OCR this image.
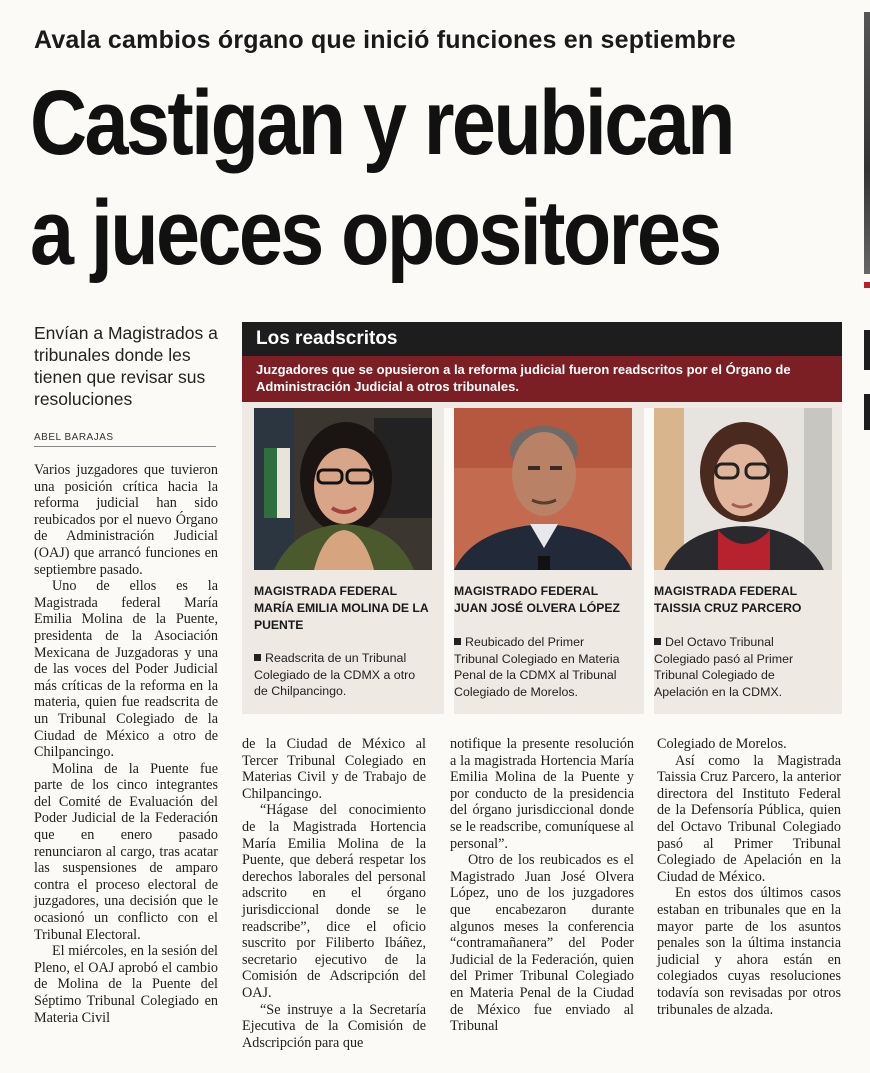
Avala cambios órgano que inició funciones en septiembre
Castigan y reubican
a jueces opositores
Envían a Magistrados a tribunales donde les tienen que revisar sus resoluciones
ABEL BARAJAS

Varios juzgadores que tuvieron una posición crítica hacia la reforma judicial han sido reubicados por el nuevo Órgano de Administración Judicial (OAJ) que arrancó funciones en septiembre pasado.

Uno de ellos es la Magistrada federal María Emilia Molina de la Puente, presidenta de la Asociación Mexicana de Juzgadoras y una de las voces del Poder Judicial más críticas de la reforma en la materia, quien fue readscrita de un Tribunal Colegiado de la Ciudad de México a otro de Chilpancingo.

Molina de la Puente fue parte de los cinco integrantes del Comité de Evaluación del Poder Judicial de la Federación que en enero pasado renunciaron al cargo, tras acatar las suspensiones de amparo contra el proceso electoral de juzgadores, una decisión que le ocasionó un conflicto con el Tribunal Electoral.

El miércoles, en la sesión del Pleno, el OAJ aprobó el cambio de Molina de la Puente del Séptimo Tribunal Colegiado en Materia Civil

Los readscritos
Juzgadores que se opusieron a la reforma judicial fueron readscritos por el Órgano de Administración Judicial a otros tribunales.
MAGISTRADA FEDERAL MARÍA EMILIA MOLINA DE LA PUENTE
MAGISTRADO FEDERAL JUAN JOSÉ OLVERA LÓPEZ
MAGISTRADA FEDERAL TAISSIA CRUZ PARCERO
Readscrita de un Tribunal Colegiado de la CDMX a otro de Chilpancingo.
Reubicado del Primer Tribunal Colegiado en Materia Penal de la CDMX al Tribunal Colegiado de Morelos.
Del Octavo Tribunal Colegiado pasó al Primer Tribunal Colegiado de Apelación en la CDMX.

de la Ciudad de México al Tercer Tribunal Colegiado en Materias Civil y de Trabajo de Chilpancingo.

“Hágase del conocimiento de la Magistrada Hortencia María Emilia Molina de la Puente, que deberá respetar los derechos laborales del personal adscrito en el órgano jurisdiccional donde se le readscribe”, dice el oficio suscrito por Filiberto Ibáñez, secretario ejecutivo de la Comisión de Adscripción del OAJ.

“Se instruye a la Secretaría Ejecutiva de la Comisión de Adscripción para que

notifique la presente resolución a la magistrada Hortencia María Emilia Molina de la Puente y por conducto de la presidencia del órgano jurisdiccional donde se le readscribe, comuníquese al personal”.

Otro de los reubicados es el Magistrado Juan José Olvera López, uno de los juzgadores que encabezaron durante algunos meses la conferencia “contramañanera” del Poder Judicial de la Federación, quien del Primer Tribunal Colegiado en Materia Penal de la Ciudad de México fue enviado al Tribunal

Colegiado de Morelos.

Así como la Magistrada Taissia Cruz Parcero, la anterior directora del Instituto Federal de la Defensoría Pública, quien del Octavo Tribunal Colegiado pasó al Primer Tribunal Colegiado de Apelación en la Ciudad de México.

En estos dos últimos casos estaban en tribunales que en la mayor parte de los asuntos penales son la última instancia judicial y ahora están en colegiados cuyas resoluciones todavía son revisadas por otros tribunales de alzada.
